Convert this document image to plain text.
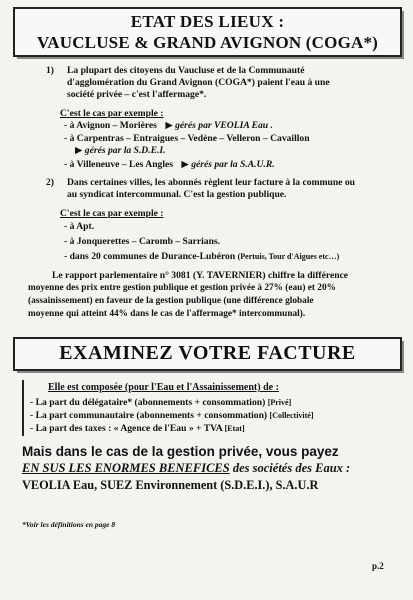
ETAT DES LIEUX :
VAUCLUSE & GRAND AVIGNON (COGA*)
1) La plupart des citoyens du Vaucluse et de la Communauté
d'agglomération du Grand Avignon (COGA*) paient l'eau à une
société privée – c'est l'affermage*.
C'est le cas par exemple :
- à Avignon – Morières ▶ gérés par VEOLIA Eau .
- à Carpentras – Entraigues – Vedène – Velleron – Cavaillon
▶ gérés par la S.D.E.I.
- à Villeneuve – Les Angles ▶ gérés par la S.A.U.R.
2) Dans certaines villes, les abonnés règlent leur facture à la commune ou
au syndicat intercommunal. C'est la gestion publique.
C'est le cas par exemple :
- à Apt.
- à Jonquerettes – Caromb – Sarrians.
- dans 20 communes de Durance-Lubéron (Pertuis, Tour d'Aigues etc…)
Le rapport parlementaire n° 3081 (Y. TAVERNIER) chiffre la différence
moyenne des prix entre gestion publique et gestion privée à 27% (eau) et 20%
(assainissement) en faveur de la gestion publique (une différence globale
moyenne qui atteint 44% dans le cas de l'affermage* intercommunal).
EXAMINEZ VOTRE FACTURE
Elle est composée (pour l'Eau et l'Assainissement) de :
- La part du délégataire* (abonnements + consommation) [Privé]
- La part communautaire (abonnements + consommation) [Collectivité]
- La part des taxes : « Agence de l'Eau » + TVA [Etat]
Mais dans le cas de la gestion privée, vous payez
EN SUS LES ENORMES BENEFICES des sociétés des Eaux :
VEOLIA Eau, SUEZ Environnement (S.D.E.I.), S.A.U.R
*Voir les définitions en page 8
p.2
